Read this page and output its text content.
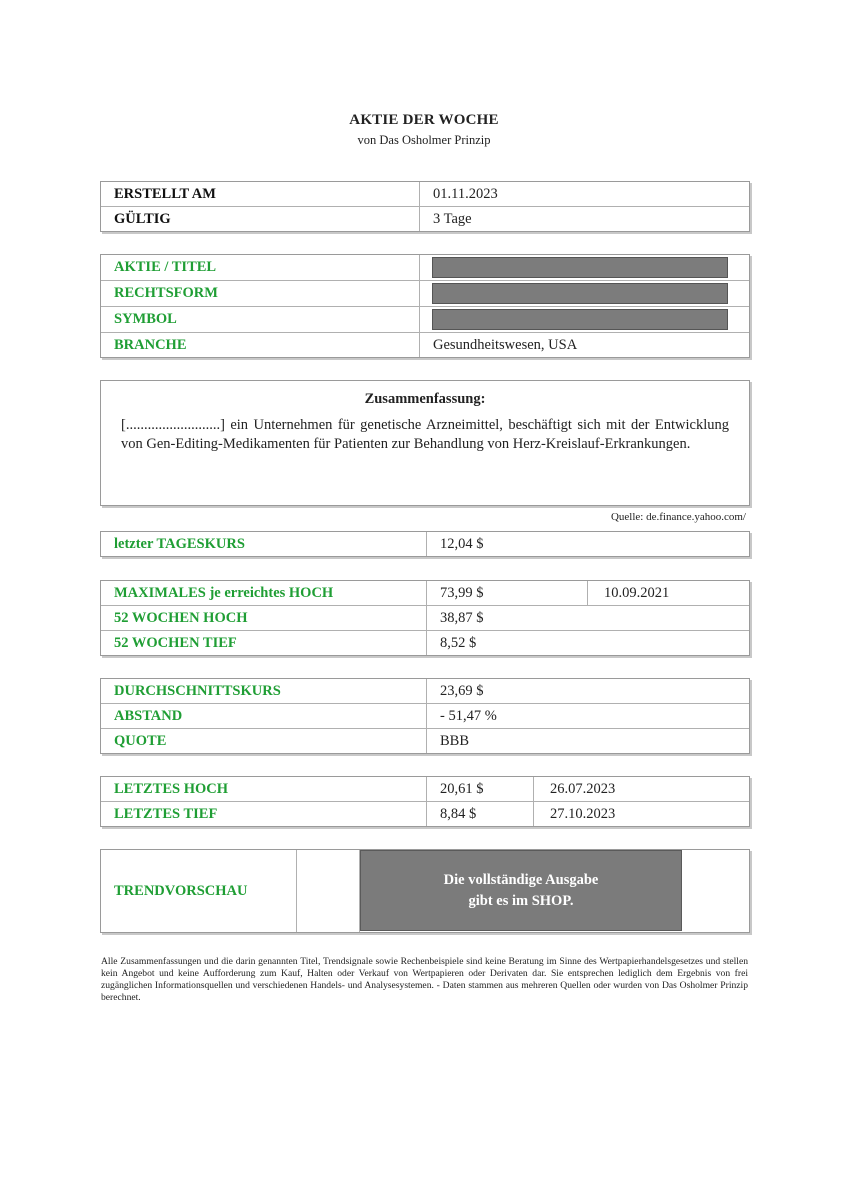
AKTIE DER WOCHE
von Das Osholmer Prinzip
ERSTELLT AM	01.11.2023
GÜLTIG	3 Tage
AKTIE / TITEL
RECHTSFORM
SYMBOL
BRANCHE	Gesundheitswesen, USA
Zusammenfassung:
[..........................] ein Unternehmen für genetische Arzneimittel, beschäftigt sich mit der Entwicklung von Gen-Editing-Medikamenten für Patienten zur Behandlung von Herz-Kreislauf-Erkrankungen.
Quelle: de.finance.yahoo.com/
letzter TAGESKURS	12,04 $
MAXIMALES je erreichtes HOCH	73,99 $	10.09.2021
52 WOCHEN HOCH	38,87 $
52 WOCHEN TIEF	8,52 $
DURCHSCHNITTSKURS	23,69 $
ABSTAND	- 51,47 %
QUOTE	BBB
LETZTES HOCH	20,61 $	26.07.2023
LETZTES TIEF	8,84 $	27.10.2023
TRENDVORSCHAU
Die vollständige Ausgabe
gibt es im SHOP.
Alle Zusammenfassungen und die darin genannten Titel, Trendsignale sowie Rechenbeispiele sind keine Beratung im Sinne des Wertpapierhandelsgesetzes und stellen kein Angebot und keine Aufforderung zum Kauf, Halten oder Verkauf von Wertpapieren oder Derivaten dar. Sie entsprechen lediglich dem Ergebnis von frei zugänglichen Informationsquellen und verschiedenen Handels- und Analysesystemen. - Daten stammen aus mehreren Quellen oder wurden von Das Osholmer Prinzip berechnet.
